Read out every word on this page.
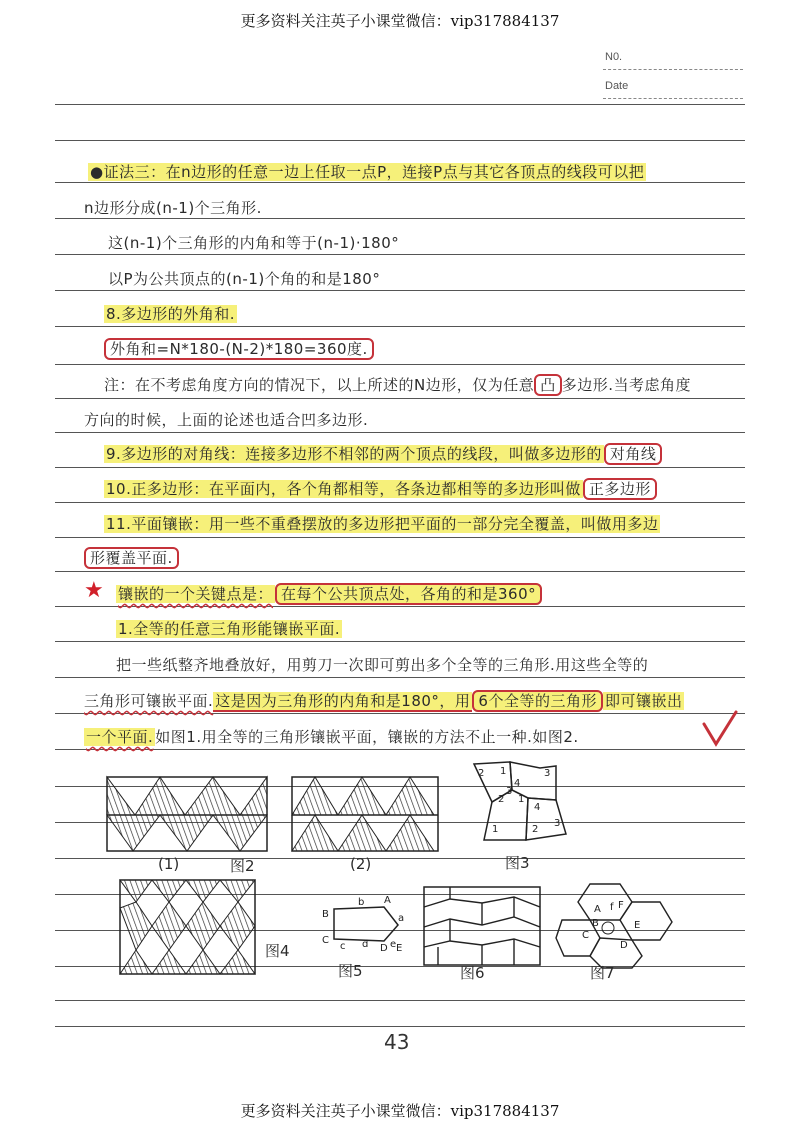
更多资料关注英子小课堂微信：vip317884137
更多资料关注英子小课堂微信：vip317884137
N0.
Date
●证法三：在n边形的任意一边上任取一点P，连接P点与其它各顶点的线段可以把
n边形分成(n-1)个三角形.
这(n-1)个三角形的内角和等于(n-1)·180°
以P为公共顶点的(n-1)个角的和是180°
8.多边形的外角和.
外角和=N*180-(N-2)*180=360度.
注：在不考虑角度方向的情况下，以上所述的N边形，仅为任意 凸 多边形.当考虑角度
方向的时候，上面的论述也适合凹多边形.
9.多边形的对角线：连接多边形不相邻的两个顶点的线段，叫做多边形的 对角线
10.正多边形：在平面内，各个角都相等，各条边都相等的多边形叫做 正多边形
11.平面镶嵌：用一些不重叠摆放的多边形把平面的一部分完全覆盖，叫做用多边
形覆盖平面.
★ 镶嵌的一个关键点是： 在每个公共顶点处，各角的和是360°
1.全等的任意三角形能镶嵌平面.
把一些纸整齐地叠放好，用剪刀一次即可剪出多个全等的三角形.用这些全等的
三角形可镶嵌平面. 这是因为三角形的内角和是180°，用 6个全等的三角形 即可镶嵌出
一个平面. 如图1.用全等的三角形镶嵌平面，镶嵌的方法不止一种.如图2.
2 1	3
4
3
2 1
4
1	2
3
(1)	图2	(2)	图3
图4
B
b A
a
C
c d D e E
图5	图6
A F
f
B	E
C
D
图7
43
